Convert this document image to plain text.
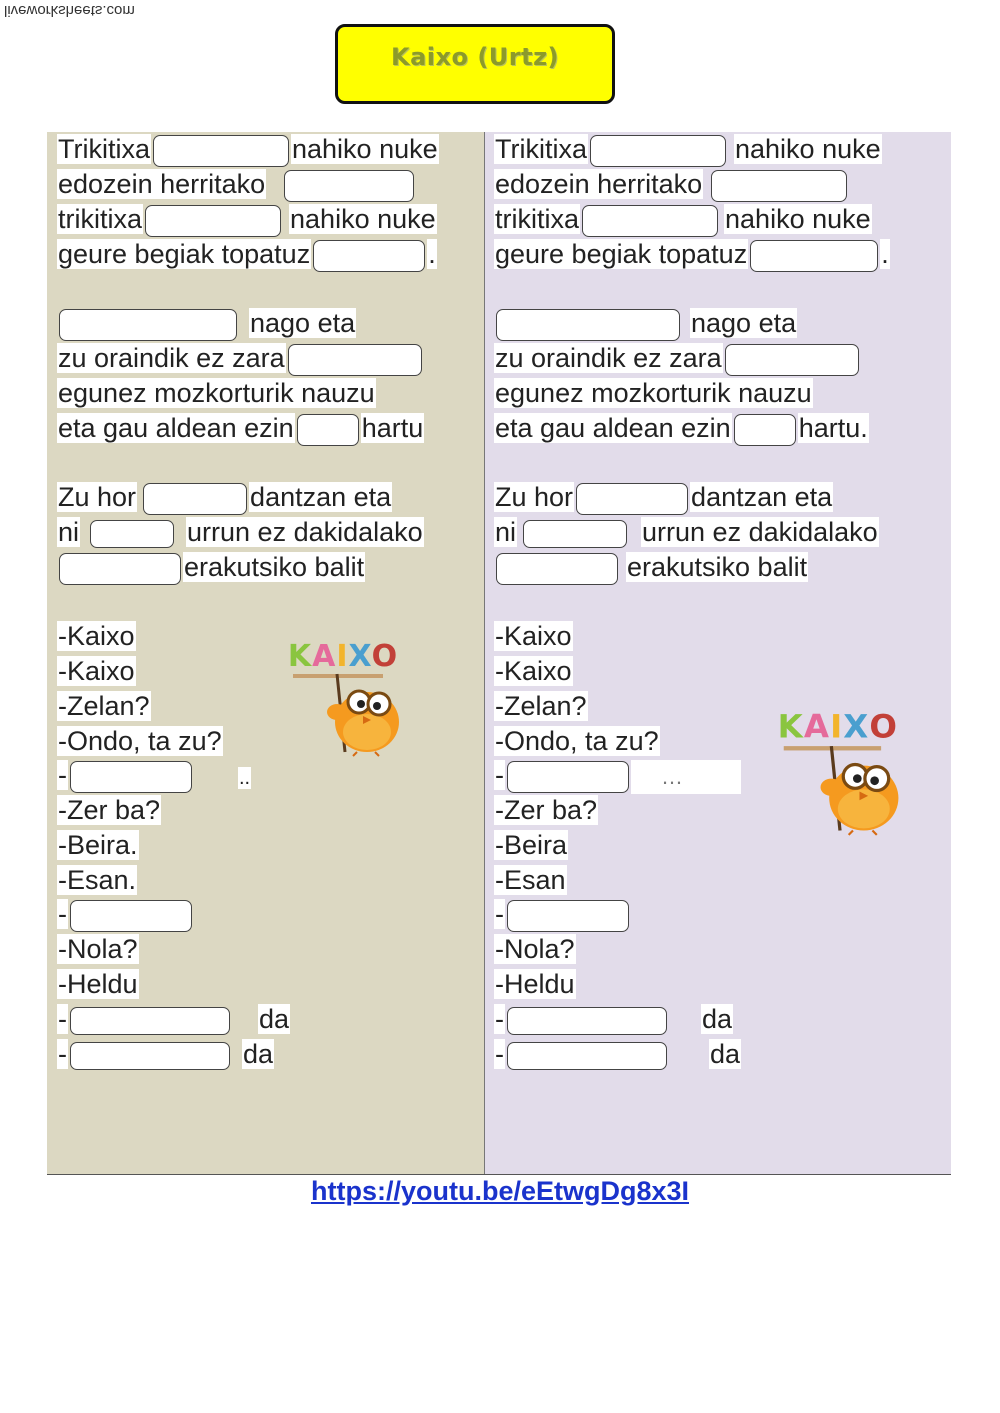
liveworksheets.com
Kaixo (Urtz)
Trikitixa	nahiko nuke
edozein herritako
trikitixa	nahiko nuke
geure begiak topatuz	.
nago eta
zu oraindik ez zara
egunez mozkorturik nauzu
eta gau aldean ezin	hartu
Zu hor	dantzan eta
ni	urrun ez dakidalako
erakutsiko balit
-Kaixo
-Kaixo
-Zelan?
-Ondo, ta zu?
-	..
-Zer ba?
-Beira.
-Esan.
-
-Nola?
-Heldu
-	da
-	da
Trikitixa	nahiko nuke
edozein herritako
trikitixa	nahiko nuke
geure begiak topatuz	.
nago eta
zu oraindik ez zara
egunez mozkorturik nauzu
eta gau aldean ezin	hartu.
Zu hor	dantzan eta
ni	urrun ez dakidalako
erakutsiko balit
-Kaixo
-Kaixo
-Zelan?
-Ondo, ta zu?
-	…
-Zer ba?
-Beira
-Esan
-
-Nola?
-Heldu
-	da
-	da
KAIXO
KAIXO
https://youtu.be/eEtwgDg8x3I
